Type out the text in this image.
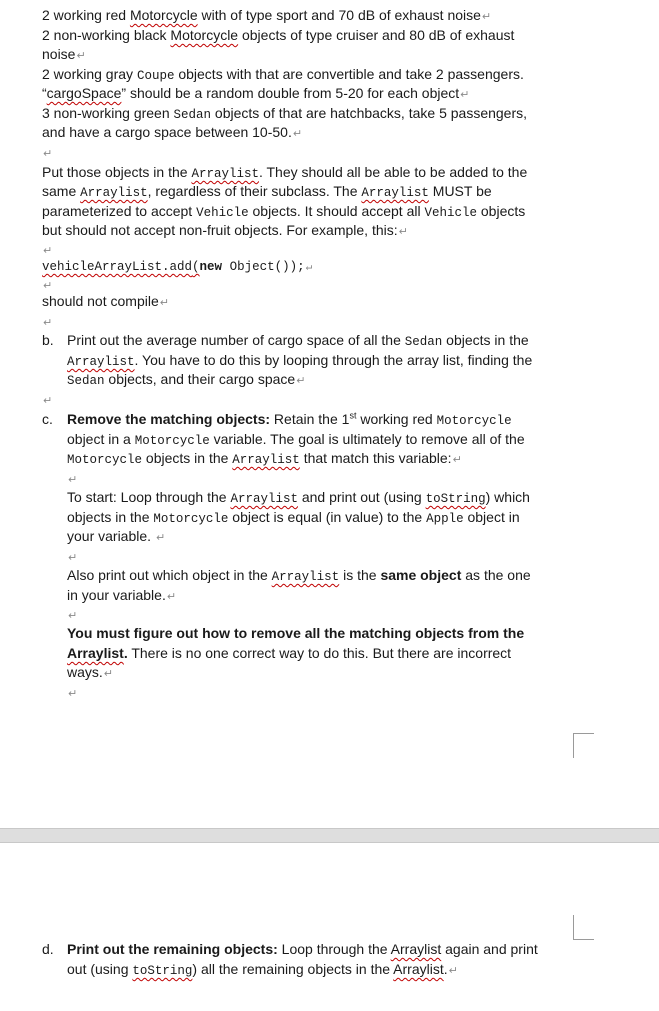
2 working red Motorcycle with of type sport and 70 dB of exhaust noise↵
2 non-working black Motorcycle objects of type cruiser and 80 dB of exhaust
noise↵
2 working gray Coupe objects with that are convertible and take 2 passengers.
“cargoSpace” should be a random double from 5-20 for each object↵
3 non-working green Sedan objects of that are hatchbacks, take 5 passengers,
and have a cargo space between 10-50.↵
↵
Put those objects in the Arraylist. They should all be able to be added to the
same Arraylist, regardless of their subclass. The Arraylist MUST be
parameterized to accept Vehicle objects. It should accept all Vehicle objects
but should not accept non-fruit objects. For example, this:↵
↵
vehicleArrayList.add(new Object());↵
↵
should not compile↵
↵
b. Print out the average number of cargo space of all the Sedan objects in the
Arraylist. You have to do this by looping through the array list, finding the
Sedan objects, and their cargo space↵
↵
c. Remove the matching objects: Retain the 1st working red Motorcycle
object in a Motorcycle variable. The goal is ultimately to remove all of the
Motorcycle objects in the Arraylist that match this variable:↵
↵
To start: Loop through the Arraylist and print out (using toString) which
objects in the Motorcycle object is equal (in value) to the Apple object in
your variable. ↵
↵
Also print out which object in the Arraylist is the same object as the one
in your variable.↵
↵
You must figure out how to remove all the matching objects from the
Arraylist. There is no one correct way to do this. But there are incorrect
ways.↵
↵
d. Print out the remaining objects: Loop through the Arraylist again and print
out (using toString) all the remaining objects in the Arraylist.↵
